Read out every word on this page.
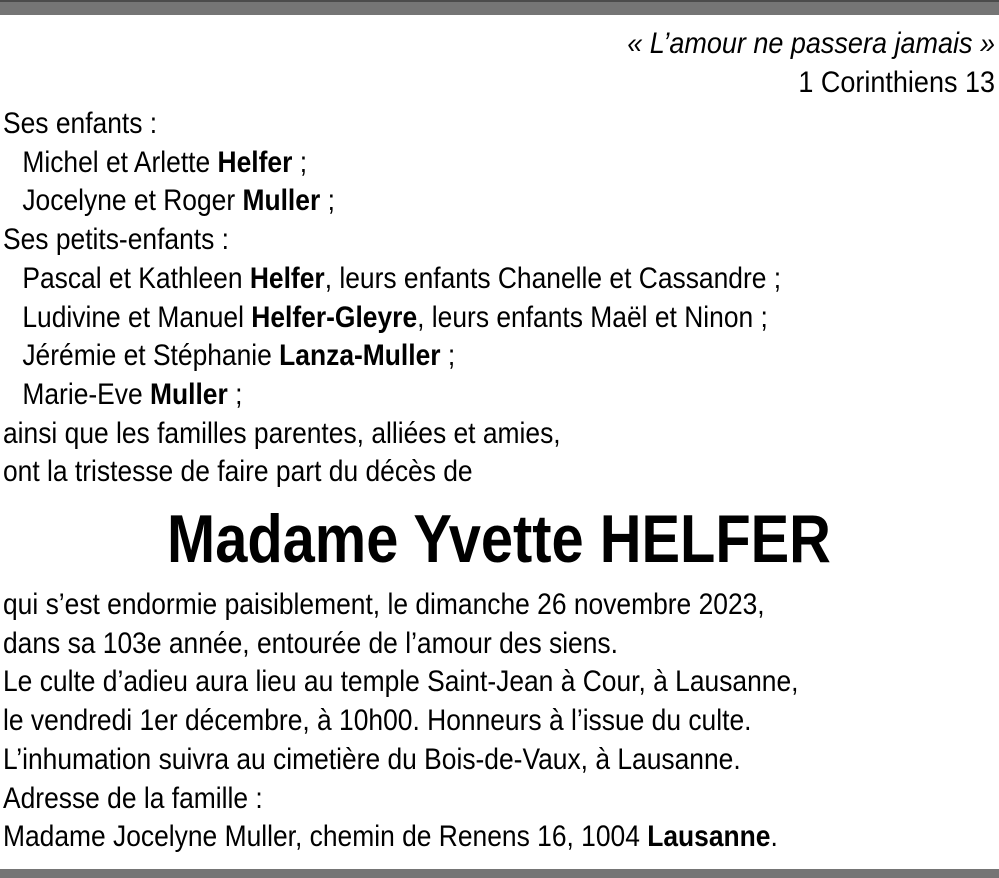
« L’amour ne passera jamais »
1 Corinthiens 13
Ses enfants :
Michel et Arlette Helfer ;
Jocelyne et Roger Muller ;
Ses petits-enfants :
Pascal et Kathleen Helfer, leurs enfants Chanelle et Cassandre ;
Ludivine et Manuel Helfer-Gleyre, leurs enfants Maël et Ninon ;
Jérémie et Stéphanie Lanza-Muller ;
Marie-Eve Muller ;
ainsi que les familles parentes, alliées et amies,
ont la tristesse de faire part du décès de
Madame Yvette HELFER
qui s’est endormie paisiblement, le dimanche 26 novembre 2023,
dans sa 103e année, entourée de l’amour des siens.
Le culte d’adieu aura lieu au temple Saint-Jean à Cour, à Lausanne,
le vendredi 1er décembre, à 10h00. Honneurs à l’issue du culte.
L’inhumation suivra au cimetière du Bois-de-Vaux, à Lausanne.
Adresse de la famille :
Madame Jocelyne Muller, chemin de Renens 16, 1004 Lausanne.
